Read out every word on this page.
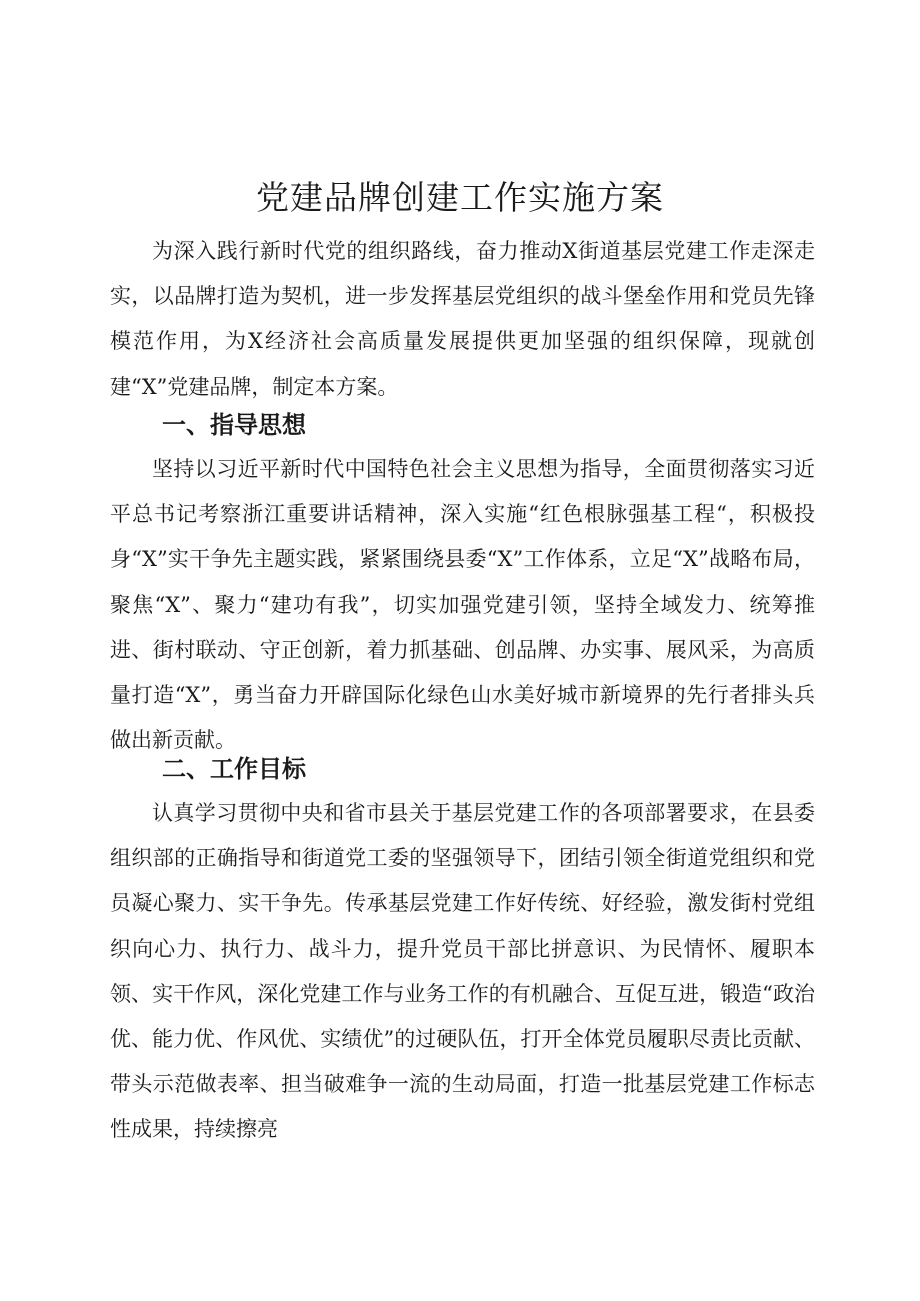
党建品牌创建工作实施方案

为深入践行新时代党的组织路线，奋力推动X街道基层党建工作走深走实，以品牌打造为契机，进一步发挥基层党组织的战斗堡垒作用和党员先锋模范作用，为X经济社会高质量发展提供更加坚强的组织保障，现就创建“X”党建品牌，制定本方案。

一、指导思想

坚持以习近平新时代中国特色社会主义思想为指导，全面贯彻落实习近平总书记考察浙江重要讲话精神，深入实施“红色根脉强基工程“，积极投身“X”实干争先主题实践，紧紧围绕县委“X”工作体系，立足“X”战略布局，聚焦“X”、聚力“建功有我”，切实加强党建引领，坚持全域发力、统筹推进、街村联动、守正创新，着力抓基础、创品牌、办实事、展风采，为高质量打造“X”，勇当奋力开辟国际化绿色山水美好城市新境界的先行者排头兵做出新贡献。

二、工作目标

认真学习贯彻中央和省市县关于基层党建工作的各项部署要求，在县委组织部的正确指导和街道党工委的坚强领导下，团结引领全街道党组织和党员凝心聚力、实干争先。传承基层党建工作好传统、好经验，激发街村党组织向心力、执行力、战斗力，提升党员干部比拼意识、为民情怀、履职本领、实干作风，深化党建工作与业务工作的有机融合、互促互进，锻造“政治优、能力优、作风优、实绩优”的过硬队伍，打开全体党员履职尽责比贡献、带头示范做表率、担当破难争一流的生动局面，打造一批基层党建工作标志性成果，持续擦亮
